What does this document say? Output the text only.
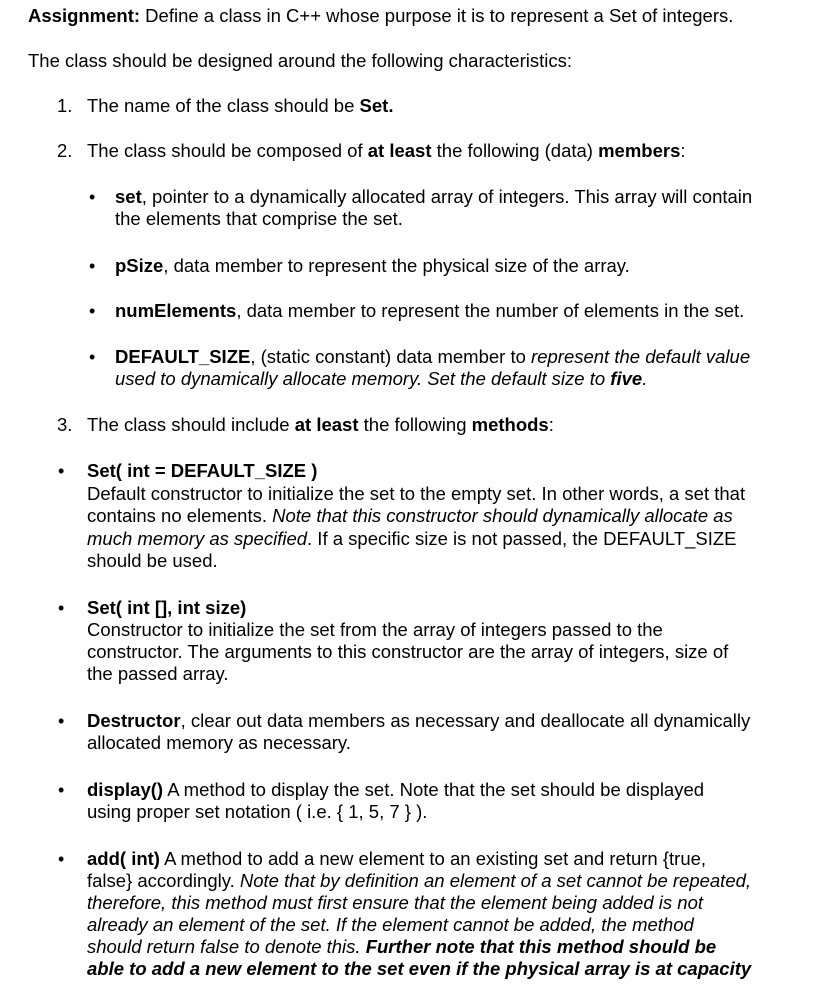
Assignment: Define a class in C++ whose purpose it is to represent a Set of integers.
The class should be designed around the following characteristics:
1. The name of the class should be Set.
2. The class should be composed of at least the following (data) members:
• set, pointer to a dynamically allocated array of integers. This array will contain
the elements that comprise the set.
• pSize, data member to represent the physical size of the array.
• numElements, data member to represent the number of elements in the set.
• DEFAULT_SIZE, (static constant) data member to represent the default value
used to dynamically allocate memory. Set the default size to five.
3. The class should include at least the following methods:
• Set( int = DEFAULT_SIZE )
Default constructor to initialize the set to the empty set. In other words, a set that
contains no elements. Note that this constructor should dynamically allocate as
much memory as specified. If a specific size is not passed, the DEFAULT_SIZE
should be used.
• Set( int [], int size)
Constructor to initialize the set from the array of integers passed to the
constructor. The arguments to this constructor are the array of integers, size of
the passed array.
• Destructor, clear out data members as necessary and deallocate all dynamically
allocated memory as necessary.
• display() A method to display the set. Note that the set should be displayed
using proper set notation ( i.e. { 1, 5, 7 } ).
• add( int) A method to add a new element to an existing set and return {true,
false} accordingly. Note that by definition an element of a set cannot be repeated,
therefore, this method must first ensure that the element being added is not
already an element of the set. If the element cannot be added, the method
should return false to denote this. Further note that this method should be
able to add a new element to the set even if the physical array is at capacity
